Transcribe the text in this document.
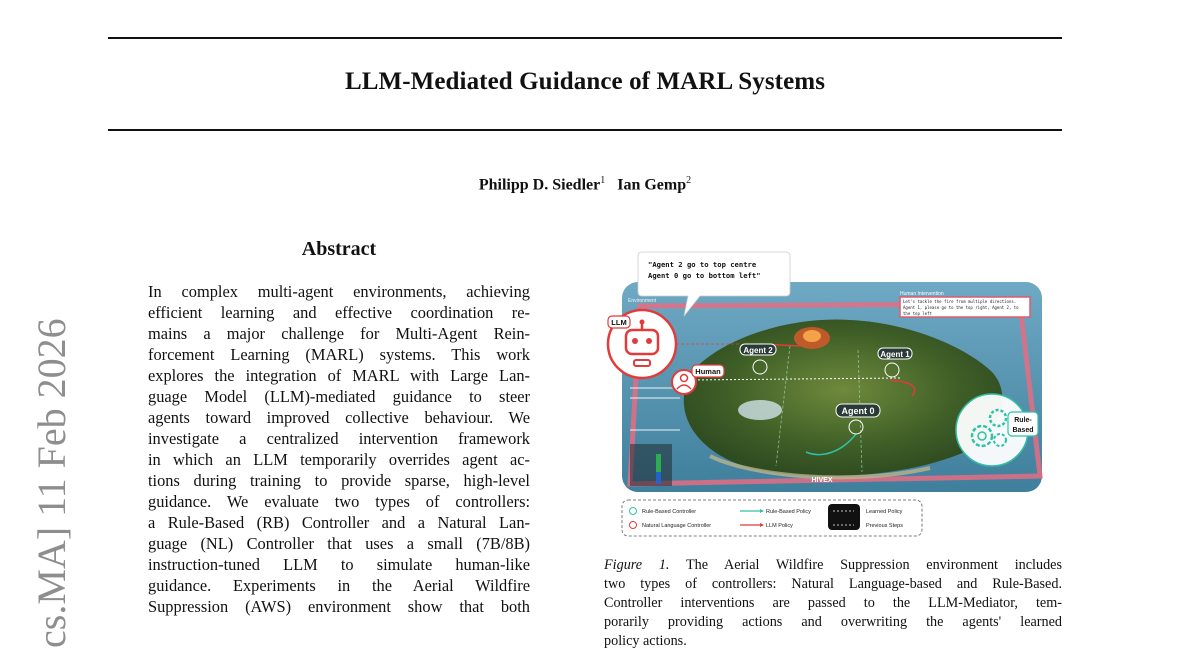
LLM-Mediated Guidance of MARL Systems
Philipp D. Siedler$^1$ Ian Gemp$^2$
cs.MA] 11 Feb 2026
Abstract
In complex multi-agent environments, achieving
efficient learning and effective coordination re-
mains a major challenge for Multi-Agent Rein-
forcement Learning (MARL) systems. This work
explores the integration of MARL with Large Lan-
guage Model (LLM)-mediated guidance to steer
agents toward improved collective behaviour. We
investigate a centralized intervention framework
in which an LLM temporarily overrides agent ac-
tions during training to provide sparse, high-level
guidance. We evaluate two types of controllers:
a Rule-Based (RB) Controller and a Natural Lan-
guage (NL) Controller that uses a small (7B/8B)
instruction-tuned LLM to simulate human-like
guidance. Experiments in the Aerial Wildfire
Suppression (AWS) environment show that both
Agent 2	Agent 1
Agent 0
Environment
HIVEX
Human Intervention
Let's tackle the fire from multiple directions.
Agent 1, please go to the top right, Agent 2, to
the top left
"Agent 2 go to top centre
Agent 0 go to bottom left"
LLM
Human
Rule-
Based
Rule-Based Controller
Natural Language Controller
Rule-Based Policy
LLM Policy
Learned Policy
Previous Steps
Figure 1. The Aerial Wildfire Suppression environment includes
two types of controllers: Natural Language-based and Rule-Based.
Controller interventions are passed to the LLM-Mediator, tem-
porarily providing actions and overwriting the agents' learned
policy actions.
